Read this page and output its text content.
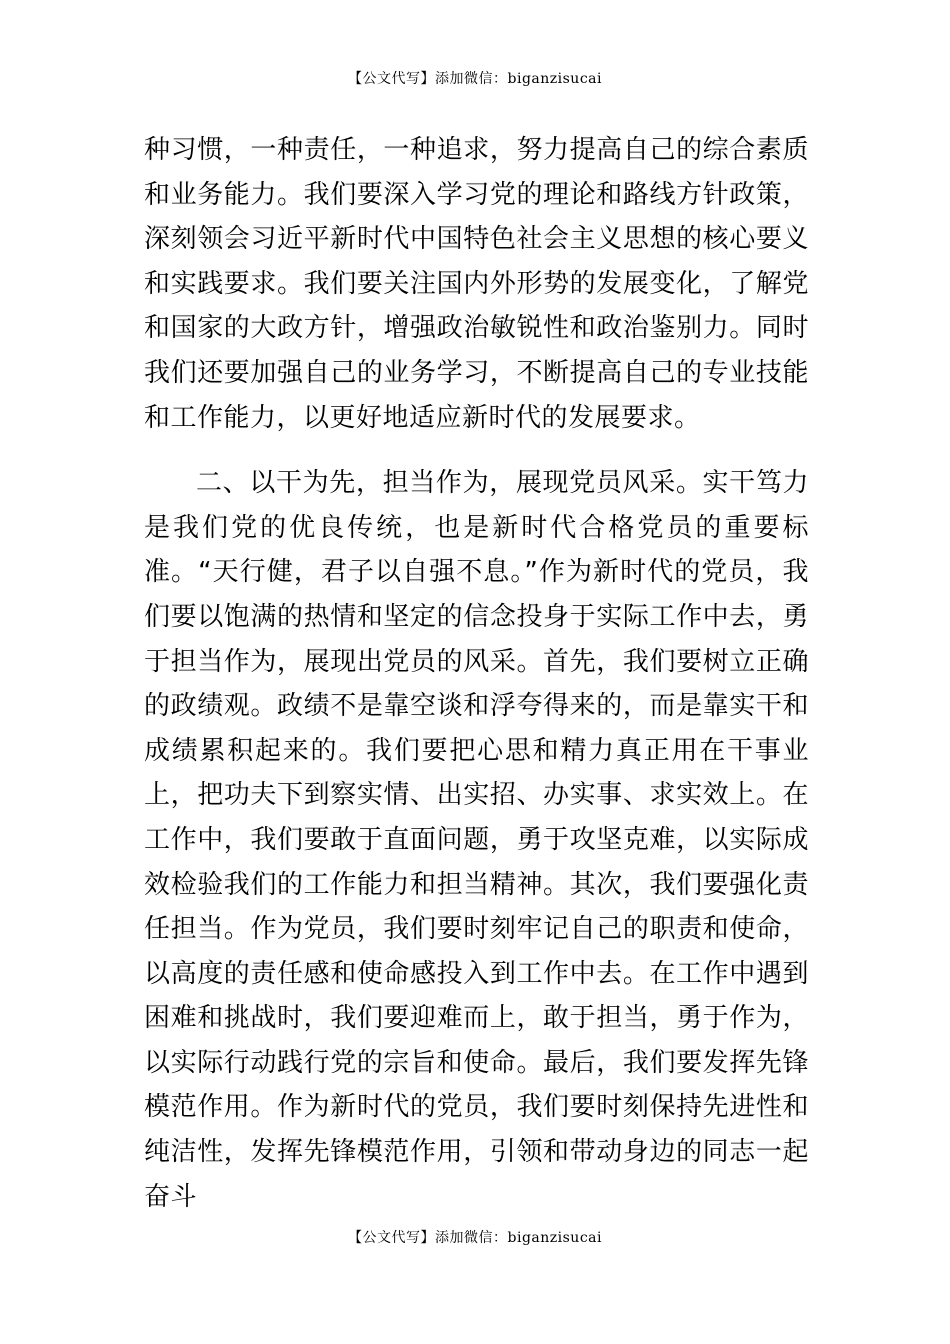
【公文代写】添加微信：biganzisucai

种习惯，一种责任，一种追求，努力提高自己的综合素质和业务能力。我们要深入学习党的理论和路线方针政策，深刻领会习近平新时代中国特色社会主义思想的核心要义和实践要求。我们要关注国内外形势的发展变化，了解党和国家的大政方针，增强政治敏锐性和政治鉴别力。同时我们还要加强自己的业务学习，不断提高自己的专业技能和工作能力，以更好地适应新时代的发展要求。

二、以干为先，担当作为，展现党员风采。实干笃力是我们党的优良传统，也是新时代合格党员的重要标准。“天行健，君子以自强不息。”作为新时代的党员，我们要以饱满的热情和坚定的信念投身于实际工作中去，勇于担当作为，展现出党员的风采。首先，我们要树立正确的政绩观。政绩不是靠空谈和浮夸得来的，而是靠实干和成绩累积起来的。我们要把心思和精力真正用在干事业上，把功夫下到察实情、出实招、办实事、求实效上。在工作中，我们要敢于直面问题，勇于攻坚克难，以实际成效检验我们的工作能力和担当精神。其次，我们要强化责任担当。作为党员，我们要时刻牢记自己的职责和使命，以高度的责任感和使命感投入到工作中去。在工作中遇到困难和挑战时，我们要迎难而上，敢于担当，勇于作为，以实际行动践行党的宗旨和使命。最后，我们要发挥先锋模范作用。作为新时代的党员，我们要时刻保持先进性和纯洁性，发挥先锋模范作用，引领和带动身边的同志一起奋斗

【公文代写】添加微信：biganzisucai
